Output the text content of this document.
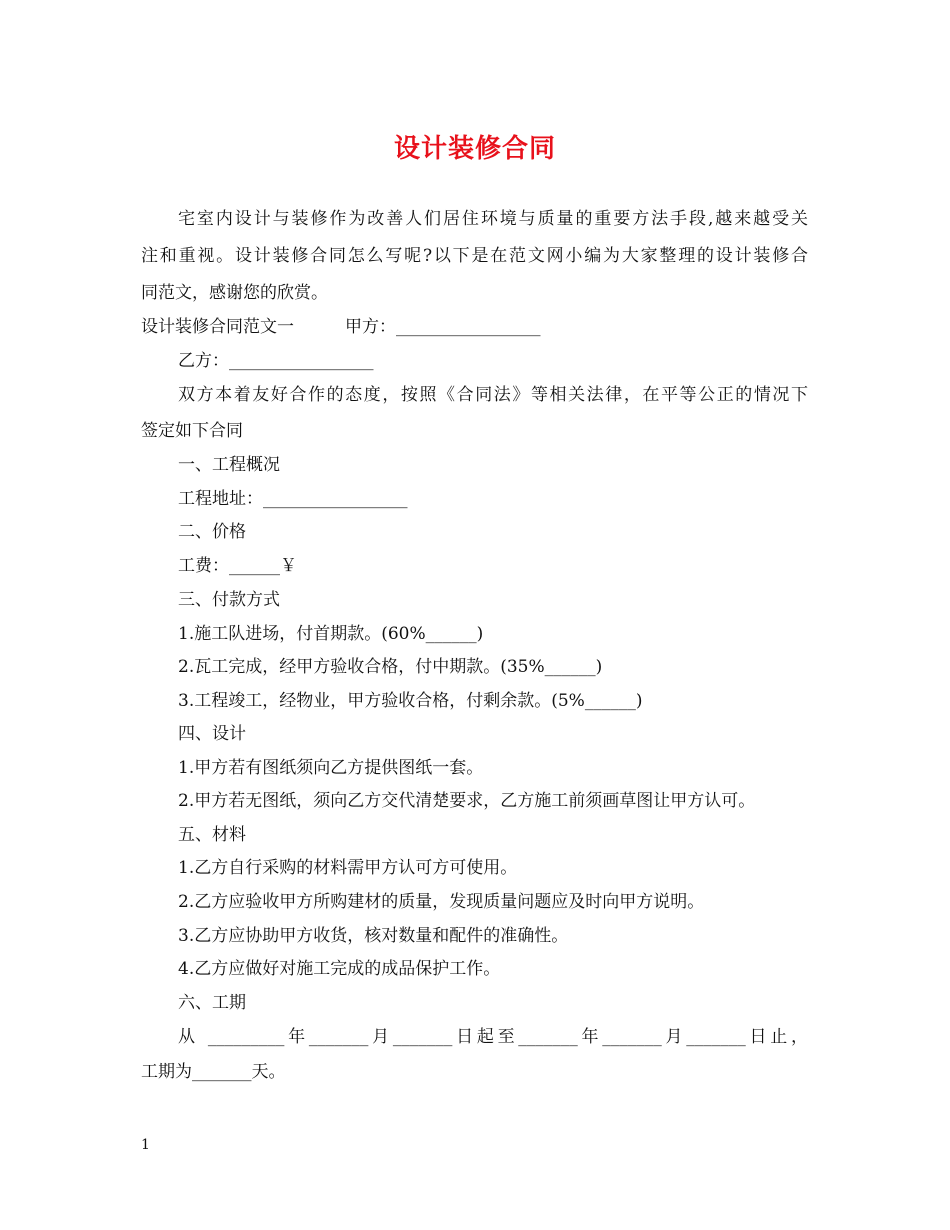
设计装修合同
宅室内设计与装修作为改善人们居住环境与质量的重要方法手段,越来越受关
注和重视。设计装修合同怎么写呢?以下是在范文网小编为大家整理的设计装修合
同范文，感谢您的欣赏。
设计装修合同范文一	甲方：_________________
乙方：_________________
双方本着友好合作的态度，按照《合同法》等相关法律，在平等公正的情况下
签定如下合同
一、工程概况
工程地址：_________________
二、价格
工费：______￥
三、付款方式
1.施工队进场，付首期款。(60%______)
2.瓦工完成，经甲方验收合格，付中期款。(35%______)
3.工程竣工，经物业，甲方验收合格，付剩余款。(5%______)
四、设计
1.甲方若有图纸须向乙方提供图纸一套。
2.甲方若无图纸，须向乙方交代清楚要求，乙方施工前须画草图让甲方认可。
五、材料
1.乙方自行采购的材料需甲方认可方可使用。
2.乙方应验收甲方所购建材的质量，发现质量问题应及时向甲方说明。
3.乙方应协助甲方收货，核对数量和配件的准确性。
4.乙方应做好对施工完成的成品保护工作。
六、工期
从 _________年_______月_______日起至_______年_______月_______日止，
工期为_______天。
1
